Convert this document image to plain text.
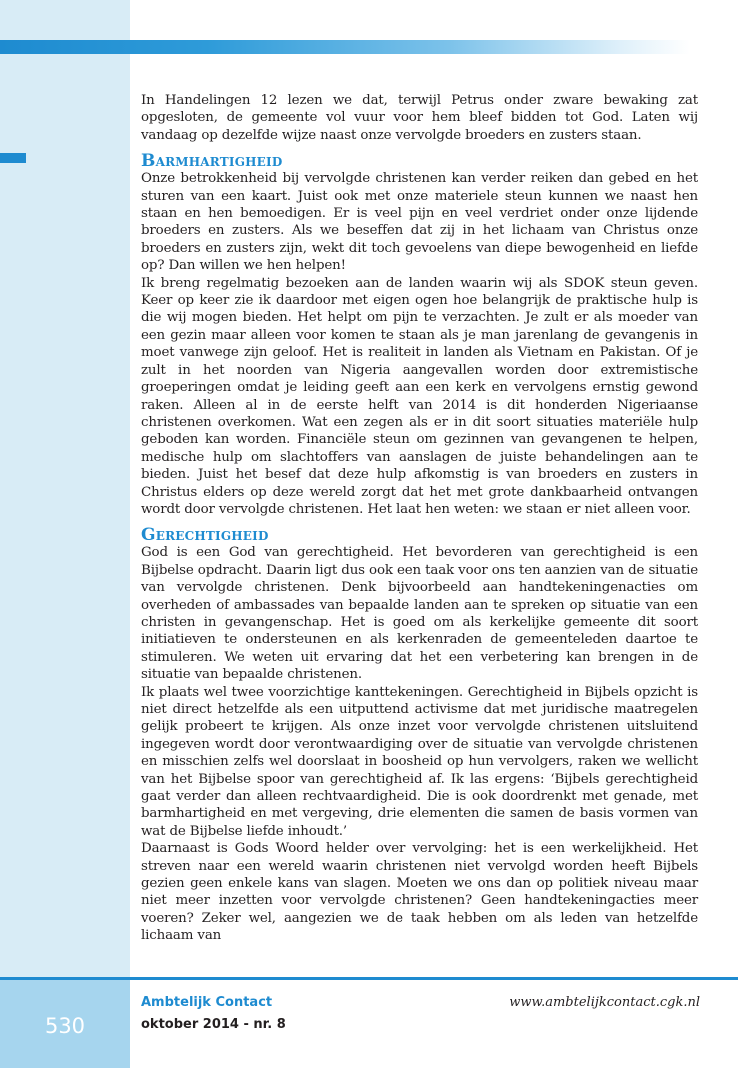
In Handelingen 12 lezen we dat, terwijl Petrus onder zware bewaking zat opgesloten, de gemeente vol vuur voor hem bleef bidden tot God. Laten wij vandaag op dezelfde wijze naast onze vervolgde broeders en zusters staan.

Barmhartigheid

Onze betrokkenheid bij vervolgde christenen kan verder reiken dan gebed en het sturen van een kaart. Juist ook met onze materiele steun kunnen we naast hen staan en hen bemoedigen. Er is veel pijn en veel verdriet onder onze lijdende broeders en zusters. Als we beseffen dat zij in het lichaam van Christus onze broeders en zusters zijn, wekt dit toch gevoelens van diepe bewogenheid en liefde op? Dan willen we hen helpen!

Ik breng regelmatig bezoeken aan de landen waarin wij als SDOK steun geven. Keer op keer zie ik daardoor met eigen ogen hoe belangrijk de praktische hulp is die wij mogen bieden. Het helpt om pijn te verzachten. Je zult er als moeder van een gezin maar alleen voor komen te staan als je man jarenlang de gevangenis in moet vanwege zijn geloof. Het is realiteit in landen als Vietnam en Pakistan. Of je zult in het noorden van Nigeria aangevallen worden door extremistische groeperingen omdat je leiding geeft aan een kerk en vervolgens ernstig gewond raken. Alleen al in de eerste helft van 2014 is dit honderden Nigeriaanse christenen overkomen. Wat een zegen als er in dit soort situaties materiële hulp geboden kan worden. Financiële steun om gezinnen van gevangenen te helpen, medische hulp om slachtoffers van aanslagen de juiste behandelingen aan te bieden. Juist het besef dat deze hulp afkomstig is van broeders en zusters in Christus elders op deze wereld zorgt dat het met grote dankbaarheid ontvangen wordt door vervolgde christenen. Het laat hen weten: we staan er niet alleen voor.

Gerechtigheid

God is een God van gerechtigheid. Het bevorderen van gerechtigheid is een Bijbelse opdracht. Daarin ligt dus ook een taak voor ons ten aanzien van de situatie van vervolgde christenen. Denk bijvoorbeeld aan handtekeningenacties om overheden of ambassades van bepaalde landen aan te spreken op situatie van een christen in gevangenschap. Het is goed om als kerkelijke gemeente dit soort initiatieven te ondersteunen en als kerkenraden de gemeenteleden daartoe te stimuleren. We weten uit ervaring dat het een verbetering kan brengen in de situatie van bepaalde christenen.

Ik plaats wel twee voorzichtige kanttekeningen. Gerechtigheid in Bijbels opzicht is niet direct hetzelfde als een uitputtend activisme dat met juridische maatregelen gelijk probeert te krijgen. Als onze inzet voor vervolgde christenen uitsluitend ingegeven wordt door verontwaardiging over de situatie van vervolgde christenen en misschien zelfs wel doorslaat in boosheid op hun vervolgers, raken we wellicht van het Bijbelse spoor van gerechtigheid af. Ik las ergens: ‘Bijbels gerechtigheid gaat verder dan alleen rechtvaardigheid. Die is ook doordrenkt met genade, met barmhartigheid en met vergeving, drie elementen die samen de basis vormen van wat de Bijbelse liefde inhoudt.’

Daarnaast is Gods Woord helder over vervolging: het is een werkelijkheid. Het streven naar een wereld waarin christenen niet vervolgd worden heeft Bijbels gezien geen enkele kans van slagen. Moeten we ons dan op politiek niveau maar niet meer inzetten voor vervolgde christenen? Geen handtekeningacties meer voeren? Zeker wel, aangezien we de taak hebben om als leden van hetzelfde lichaam van

530
Ambtelijk Contact
oktober 2014 - nr. 8
www.ambtelijkcontact.cgk.nl
